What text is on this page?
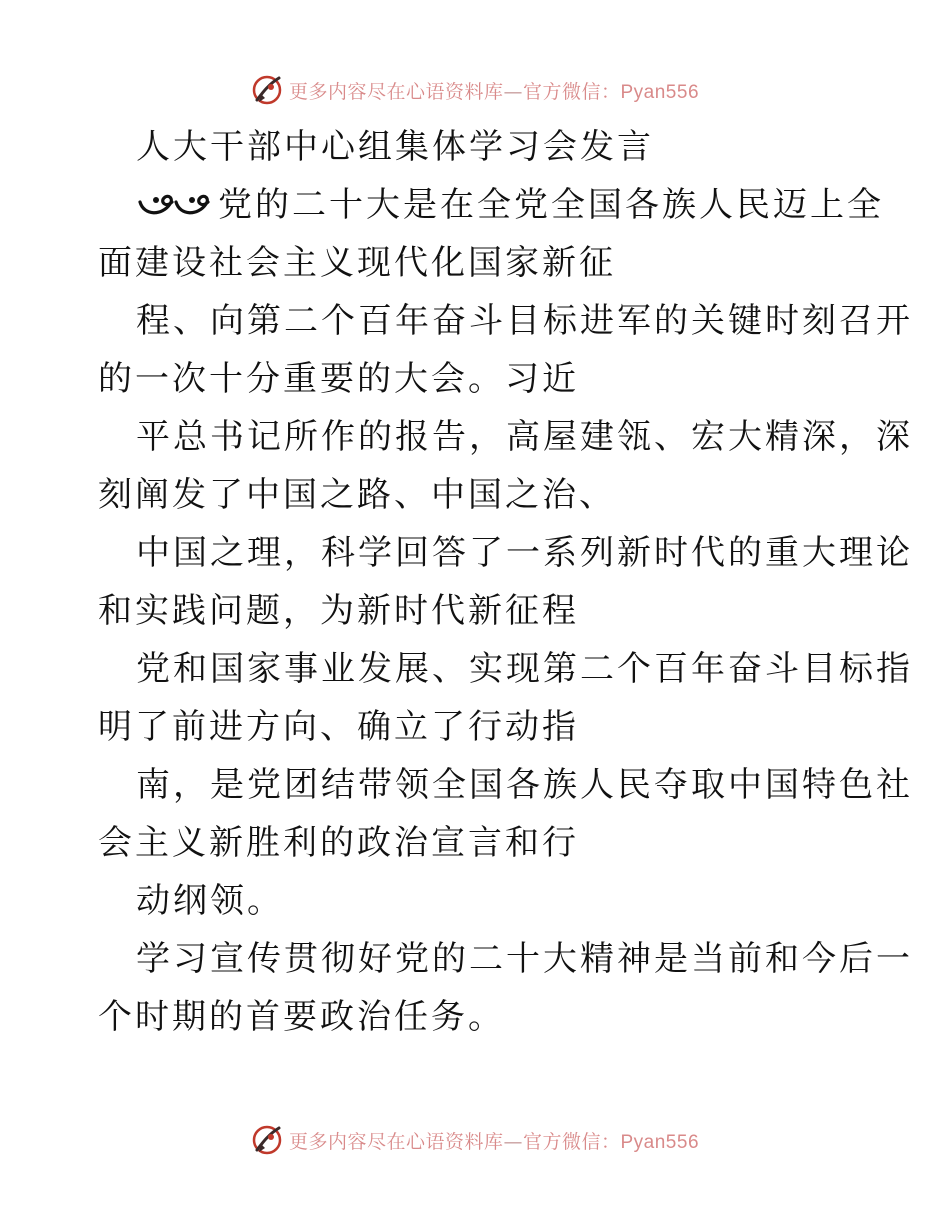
更多内容尽在心语资料库—官方微信：Pyan556
人大干部中心组集体学习会发言
党的二十大是在全党全国各族人民迈上全
面建设社会主义现代化国家新征
程、向第二个百年奋斗目标进军的关键时刻召开
的一次十分重要的大会。习近
平总书记所作的报告，高屋建瓴、宏大精深，深
刻阐发了中国之路、中国之治、
中国之理，科学回答了一系列新时代的重大理论
和实践问题，为新时代新征程
党和国家事业发展、实现第二个百年奋斗目标指
明了前进方向、确立了行动指
南，是党团结带领全国各族人民夺取中国特色社
会主义新胜利的政治宣言和行
动纲领。
学习宣传贯彻好党的二十大精神是当前和今后一
个时期的首要政治任务。
更多内容尽在心语资料库—官方微信：Pyan556
